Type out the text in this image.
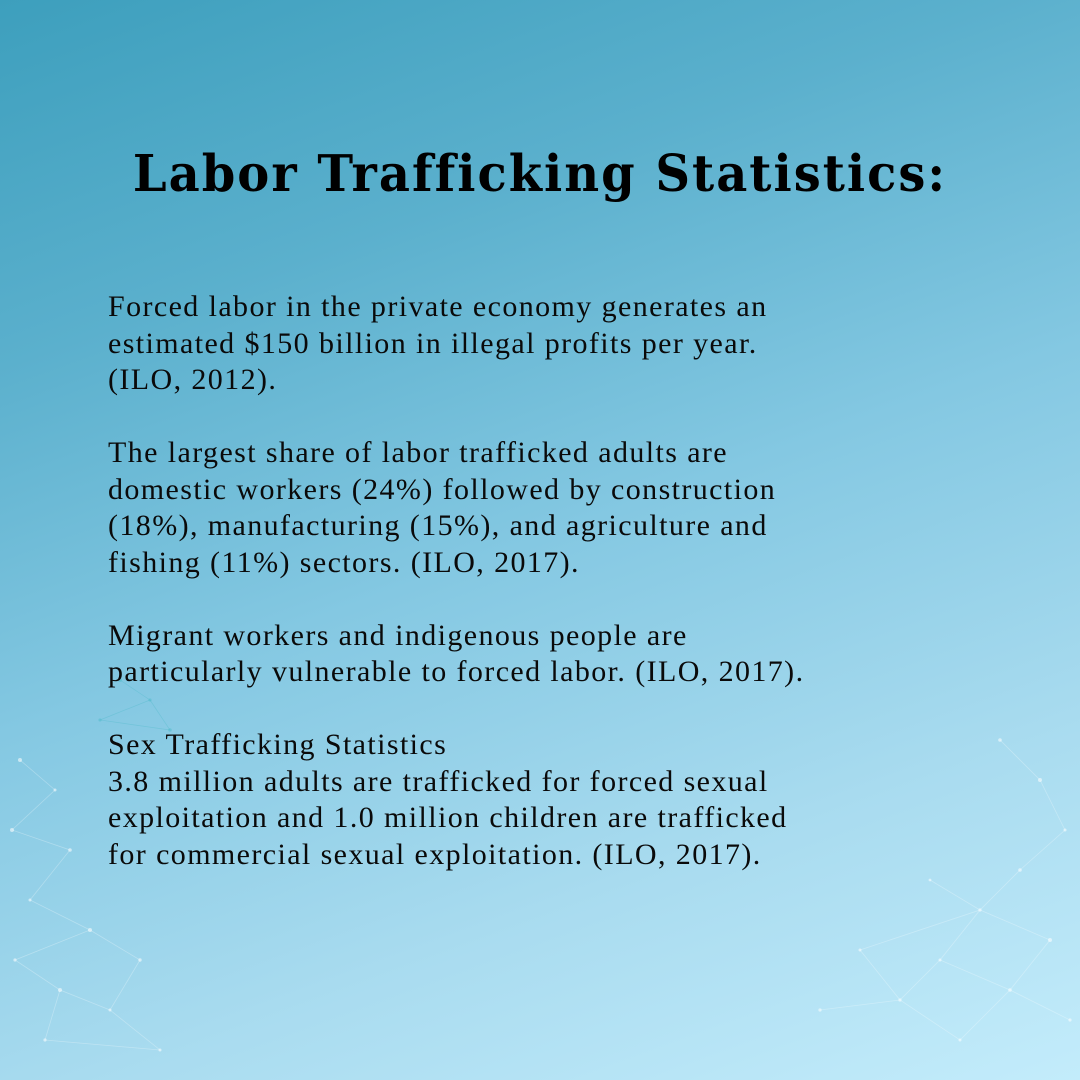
Labor Trafficking Statistics:

Forced labor in the private economy generates an
estimated $150 billion in illegal profits per year.
(ILO, 2012).

The largest share of labor trafficked adults are
domestic workers (24%) followed by construction
(18%), manufacturing (15%), and agriculture and
fishing (11%) sectors. (ILO, 2017).

Migrant workers and indigenous people are
particularly vulnerable to forced labor. (ILO, 2017).

Sex Trafficking Statistics
3.8 million adults are trafficked for forced sexual
exploitation and 1.0 million children are trafficked
for commercial sexual exploitation. (ILO, 2017).
